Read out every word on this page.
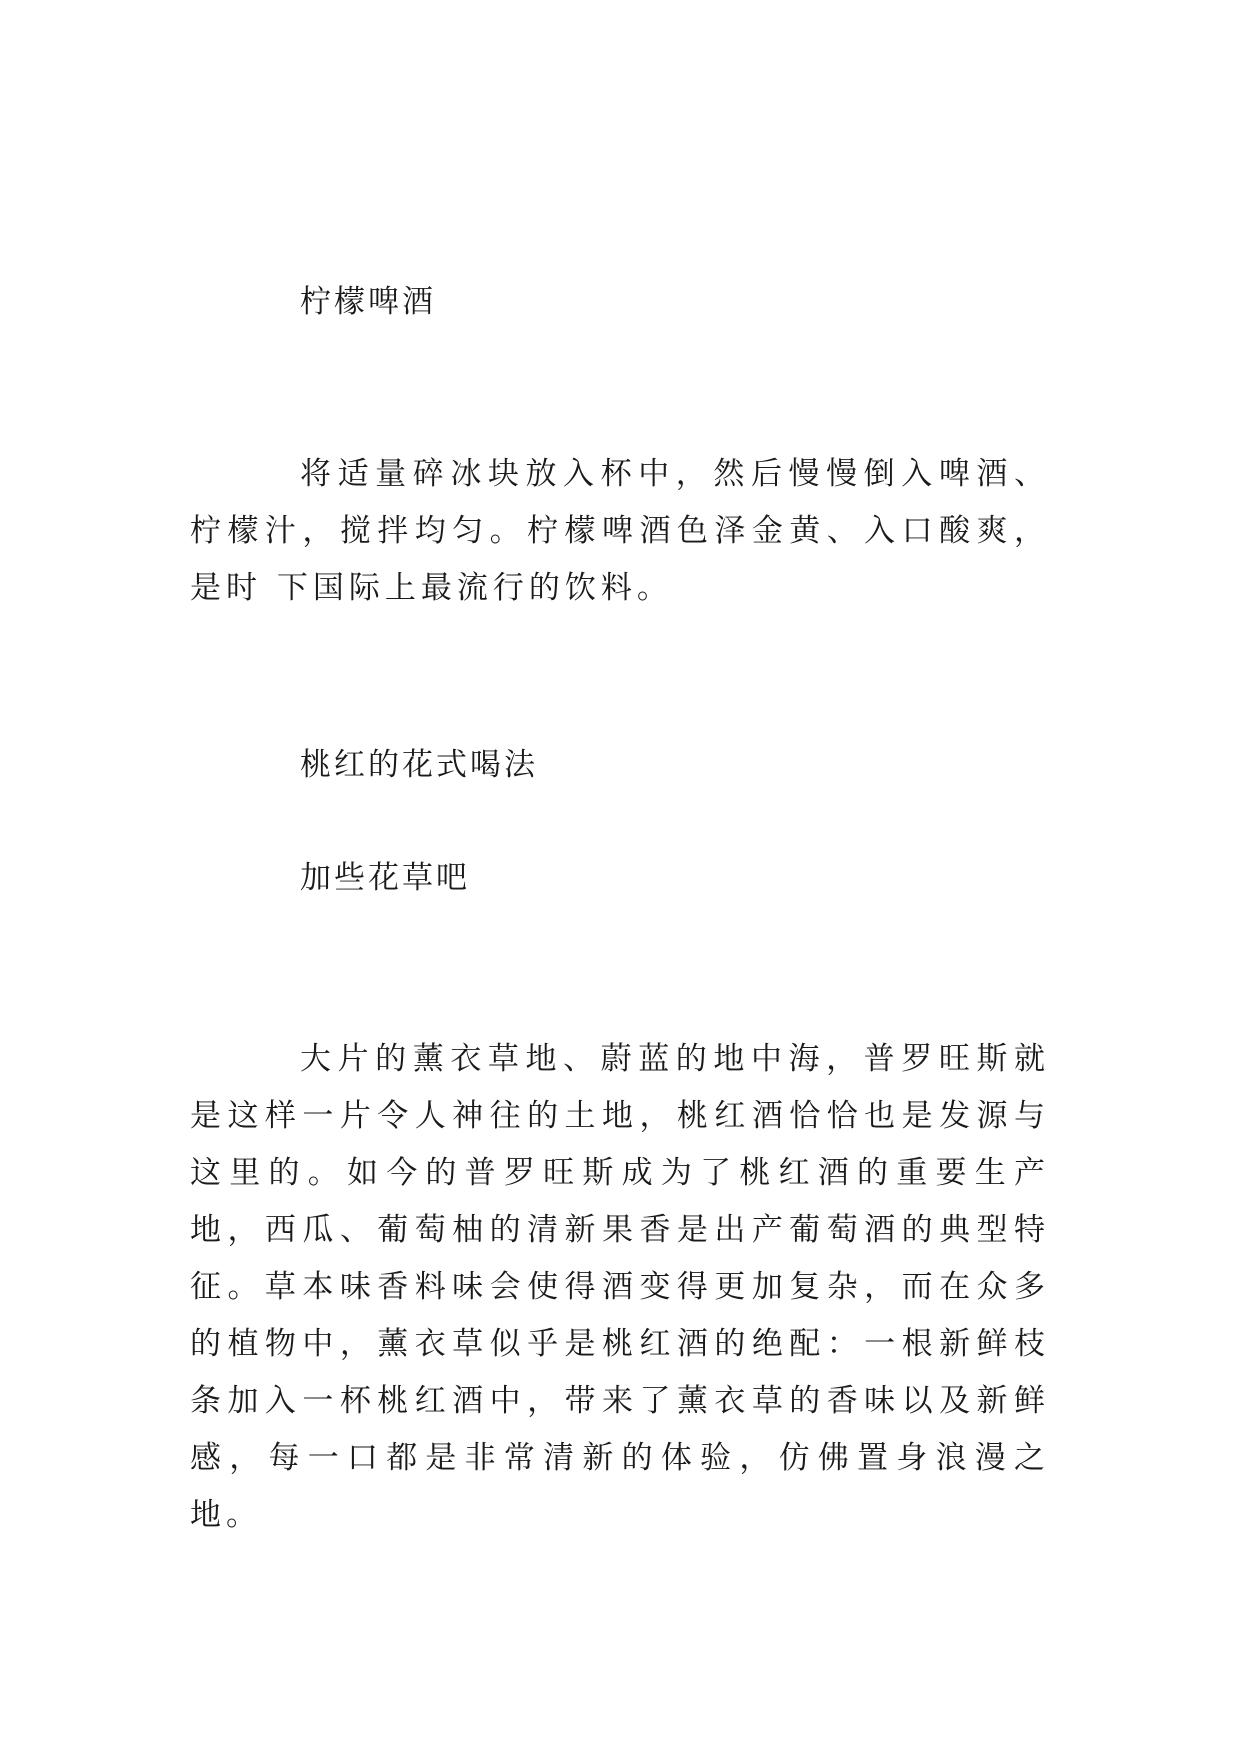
柠檬啤酒

将适量碎冰块放入杯中，然后慢慢倒入啤酒、柠檬汁，搅拌均匀。柠檬啤酒色泽金黄、入口酸爽，是时 下国际上最流行的饮料。

桃红的花式喝法
加些花草吧

大片的薰衣草地、蔚蓝的地中海，普罗旺斯就是这样一片令人神往的土地，桃红酒恰恰也是发源与这里的。如今的普罗旺斯成为了桃红酒的重要生产地，西瓜、葡萄柚的清新果香是出产葡萄酒的典型特征。草本味香料味会使得酒变得更加复杂，而在众多的植物中，薰衣草似乎是桃红酒的绝配：一根新鲜枝条加入一杯桃红酒中，带来了薰衣草的香味以及新鲜感，每一口都是非常清新的体验，仿佛置身浪漫之地。
